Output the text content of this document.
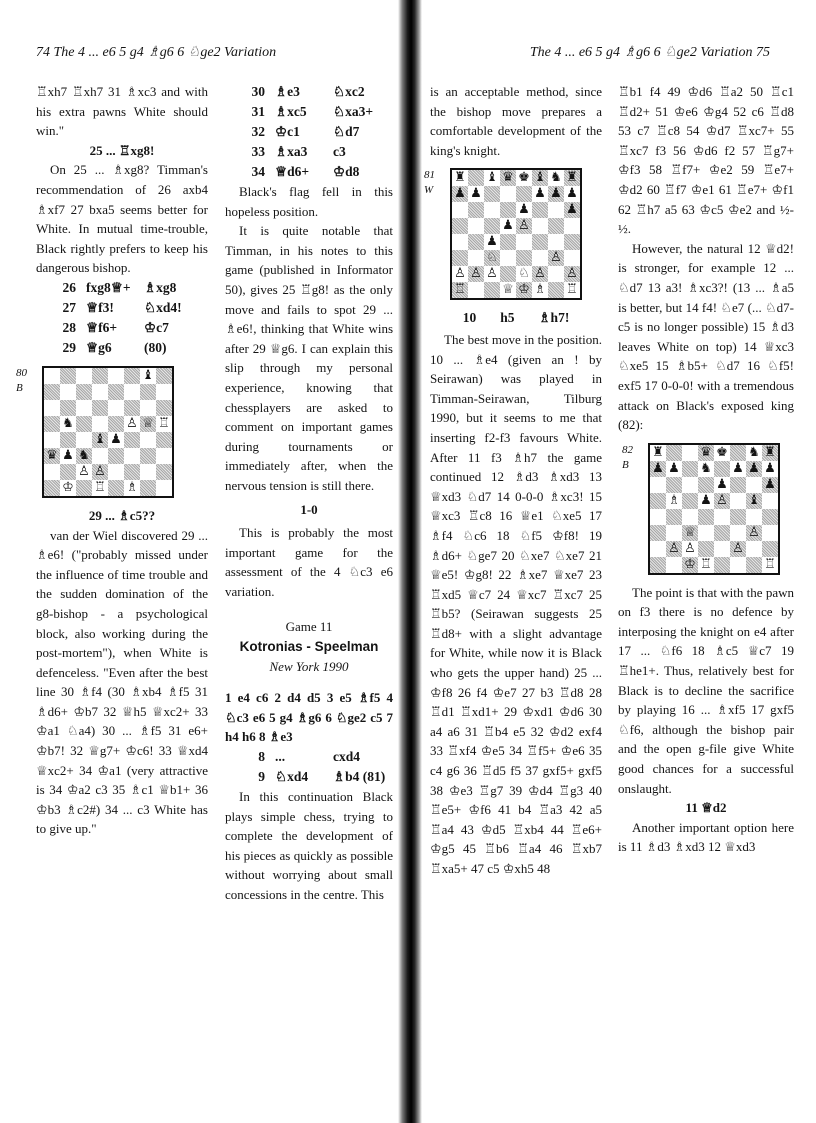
74 The 4 ... e6 5 g4 ♗g6 6 ♘ge2 Variation

♖xh7 ♖xh7 31 ♗xc3 and with his extra pawns White should win."

25 ... ♖xg8!

On 25 ... ♗xg8? Timman's recommendation of 26 axb4 ♗xf7 27 bxa5 seems better for White. In mutual time-trouble, Black rightly prefers to keep his dangerous bishop.

26 fxg8♕+ ♗xg8
27 ♕f3!	♘xd4!
28 ♕f6+	♔c7
29 ♕g6	(80)
80
B
♝
♞	♙ ♕ ♖
♝ ♟
♛ ♟ ♞
♙ ♙
♔ ♖ ♗
29 ... ♗c5??

van der Wiel discovered 29 ... ♗e6! ("probably missed under the influence of time trouble and the sudden domination of the g8-bishop - a psychological block, also working during the post-mortem"), when White is defenceless. "Even after the best line 30 ♗f4 (30 ♗xb4 ♗f5 31 ♗d6+ ♔b7 32 ♕h5 ♕xc2+ 33 ♔a1 ♘a4) 30 ... ♗f5 31 e6+ ♔b7! 32 ♕g7+ ♔c6! 33 ♕xd4 ♕xc2+ 34 ♔a1 (very attractive is 34 ♔a2 c3 35 ♗c1 ♕b1+ 36 ♔b3 ♗c2#) 34 ... c3 White has to give up."

30 ♗e3	♘xc2
31 ♗xc5	♘xa3+
32 ♔c1	♘d7
33 ♗xa3	c3
34 ♕d6+	♔d8

Black's flag fell in this hopeless position.

It is quite notable that Timman, in his notes to this game (published in Informator 50), gives 25 ♖g8! as the only move and fails to spot 29 ... ♗e6!, thinking that White wins after 29 ♕g6. I can explain this slip through my personal experience, knowing that chessplayers are asked to comment on important games during tournaments or immediately after, when the nervous tension is still there.

1-0

This is probably the most important game for the assessment of the 4 ♘c3 e6 variation.

Game 11
Kotronias - Speelman
New York 1990

1 e4 c6 2 d4 d5 3 e5 ♗f5 4 ♘c3 e6 5 g4 ♗g6 6 ♘ge2 c5 7 h4 h6 8 ♗e3

8 ...	cxd4
9 ♘xd4	♗b4 (81)

In this continuation Black plays simple chess, trying to complete the development of his pieces as quickly as possible without worrying about small concessions in the centre. This

The 4 ... e6 5 g4 ♗g6 6 ♘ge2 Variation 75

is an acceptable method, since the bishop move prepares a comfortable development of the king's knight.

81
W
♜ ♝ ♛ ♚ ♝ ♞ ♜
♟ ♟	♟ ♟ ♟
♟	♟
♟ ♙
♟
♘	♙
♙ ♙ ♙ ♘ ♙ ♙
♖	♕ ♔ ♗ ♖
10 h5 ♗h7!

The best move in the position. 10 ... ♗e4 (given an ! by Seirawan) was played in Timman-Seirawan, Tilburg 1990, but it seems to me that inserting f2-f3 favours White. After 11 f3 ♗h7 the game continued 12 ♗d3 ♗xd3 13 ♕xd3 ♘d7 14 0-0-0 ♗xc3! 15 ♕xc3 ♖c8 16 ♕e1 ♘xe5 17 ♗f4 ♘c6 18 ♘f5 ♔f8! 19 ♗d6+ ♘ge7 20 ♘xe7 ♘xe7 21 ♕e5! ♔g8! 22 ♗xe7 ♕xe7 23 ♖xd5 ♕c7 24 ♕xc7 ♖xc7 25 ♖b5? (Seirawan suggests 25 ♖d8+ with a slight advantage for White, while now it is Black who gets the upper hand) 25 ... ♔f8 26 f4 ♔e7 27 b3 ♖d8 28 ♖d1 ♖xd1+ 29 ♔xd1 ♔d6 30 a4 a6 31 ♖b4 e5 32 ♔d2 exf4 33 ♖xf4 ♔e5 34 ♖f5+ ♔e6 35 c4 g6 36 ♖d5 f5 37 gxf5+ gxf5 38 ♔e3 ♖g7 39 ♔d4 ♖g3 40 ♖e5+ ♔f6 41 b4 ♖a3 42 a5 ♖a4 43 ♔d5 ♖xb4 44 ♖e6+ ♔g5 45 ♖b6 ♖a4 46 ♖xb7 ♖xa5+ 47 c5 ♔xh5 48

♖b1 f4 49 ♔d6 ♖a2 50 ♖c1 ♖d2+ 51 ♔e6 ♔g4 52 c6 ♖d8 53 c7 ♖c8 54 ♔d7 ♖xc7+ 55 ♖xc7 f3 56 ♔d6 f2 57 ♖g7+ ♔f3 58 ♖f7+ ♔e2 59 ♖e7+ ♔d2 60 ♖f7 ♔e1 61 ♖e7+ ♔f1 62 ♖h7 a5 63 ♔c5 ♔e2 and ½-½.

However, the natural 12 ♕d2! is stronger, for example 12 ... ♘d7 13 a3! ♗xc3?! (13 ... ♗a5 is better, but 14 f4! ♘e7 (... ♘d7-c5 is no longer possible) 15 ♗d3 leaves White on top) 14 ♕xc3 ♘xe5 15 ♗b5+ ♘d7 16 ♘f5! exf5 17 0-0-0! with a tremendous attack on Black's exposed king (82):

82
B
♜	♛ ♚ ♞ ♜
♟ ♟ ♞ ♟ ♟ ♟
♟	♟
♗ ♟ ♙ ♝
♕	♙
♙ ♙	♙
♔ ♖	♖

The point is that with the pawn on f3 there is no defence by interposing the knight on e4 after 17 ... ♘f6 18 ♗c5 ♕c7 19 ♖he1+. Thus, relatively best for Black is to decline the sacrifice by playing 16 ... ♗xf5 17 gxf5 ♘f6, although the bishop pair and the open g-file give White good chances for a successful onslaught.

11 ♕d2

Another important option here is 11 ♗d3 ♗xd3 12 ♕xd3
